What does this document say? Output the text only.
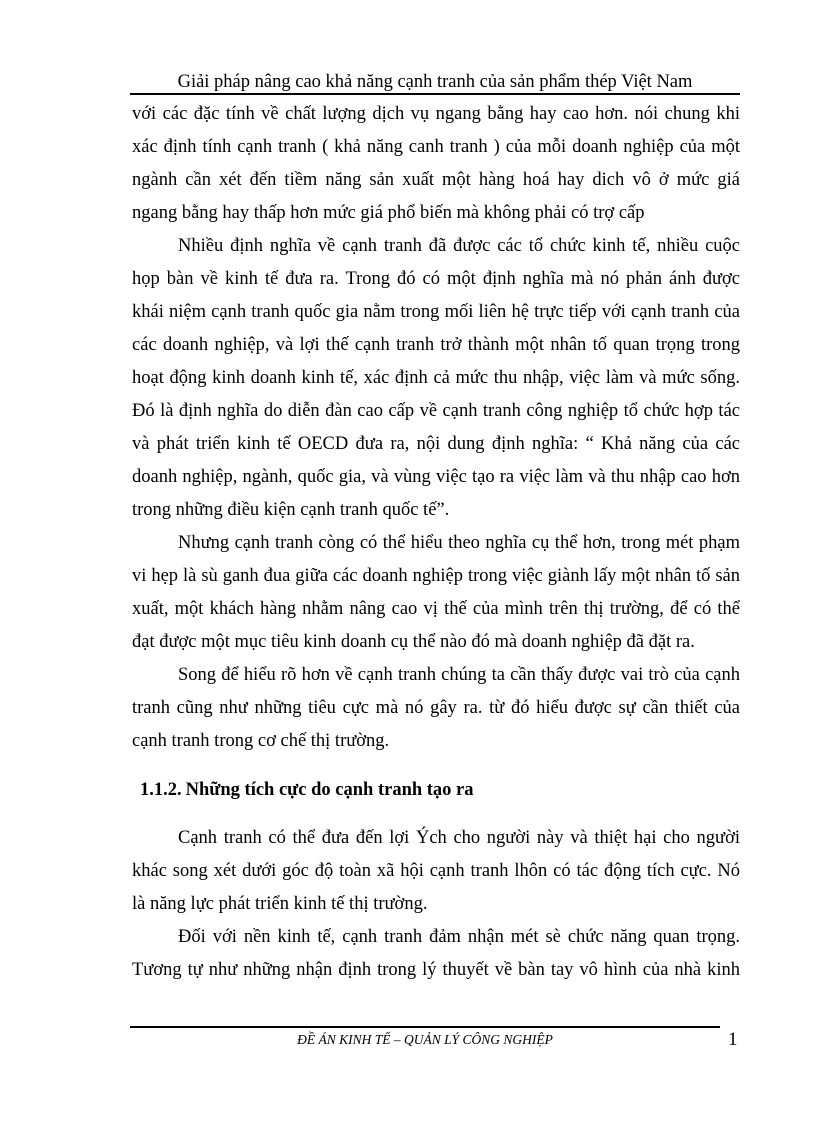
Giải pháp nâng cao khả năng cạnh tranh của sản phẩm thép Việt Nam
với các đặc tính về chất lượng dịch vụ ngang bằng hay cao hơn. nói chung khi
xác định tính cạnh tranh ( khả năng canh tranh ) của mỗi doanh nghiệp của một
ngành cần xét đến tiềm năng sản xuất một hàng hoá hay dich vô ở mức giá
ngang bằng hay thấp hơn mức giá phổ biến mà không phải có trợ cấp
Nhiều định nghĩa về cạnh tranh đã được các tổ chức kinh tế, nhiều cuộc
họp bàn về kinh tế đưa ra. Trong đó có một định nghĩa mà nó phản ánh được
khái niệm cạnh tranh quốc gia nằm trong mối liên hệ trực tiếp với cạnh tranh của
các doanh nghiệp, và lợi thế cạnh tranh trở thành một nhân tố quan trọng trong
hoạt động kinh doanh kinh tế, xác định cả mức thu nhập, việc làm và mức sống.
Đó là định nghĩa do diễn đàn cao cấp về cạnh tranh công nghiệp tổ chức hợp tác
và phát triển kinh tế OECD đưa ra, nội dung định nghĩa: “ Khả năng của các
doanh nghiệp, ngành, quốc gia, và vùng việc tạo ra việc làm và thu nhập cao hơn
trong những điều kiện cạnh tranh quốc tế”.
Nhưng cạnh tranh còng có thể hiểu theo nghĩa cụ thể hơn, trong mét phạm
vi hẹp là sù ganh đua giữa các doanh nghiệp trong việc giành lấy một nhân tố sản
xuất, một khách hàng nhằm nâng cao vị thế của mình trên thị trường, để có thể
đạt được một mục tiêu kinh doanh cụ thể nào đó mà doanh nghiệp đã đặt ra.
Song để hiểu rõ hơn về cạnh tranh chúng ta cần thấy được vai trò của cạnh
tranh cũng như những tiêu cực mà nó gây ra. từ đó hiểu được sự cần thiết của
cạnh tranh trong cơ chế thị trường.
1.1.2. Những tích cực do cạnh tranh tạo ra
Cạnh tranh có thể đưa đến lợi Ých cho người này và thiệt hại cho người
khác song xét dưới góc độ toàn xã hội cạnh tranh lhôn có tác động tích cực. Nó
là năng lực phát triển kinh tế thị trường.
Đối với nền kinh tế, cạnh tranh đảm nhận mét sè chức năng quan trọng.
Tương tự như những nhận định trong lý thuyết về bàn tay vô hình của nhà kinh
ĐỀ ÁN KINH TẾ – QUẢN LÝ CÔNG NGHIỆP	1
